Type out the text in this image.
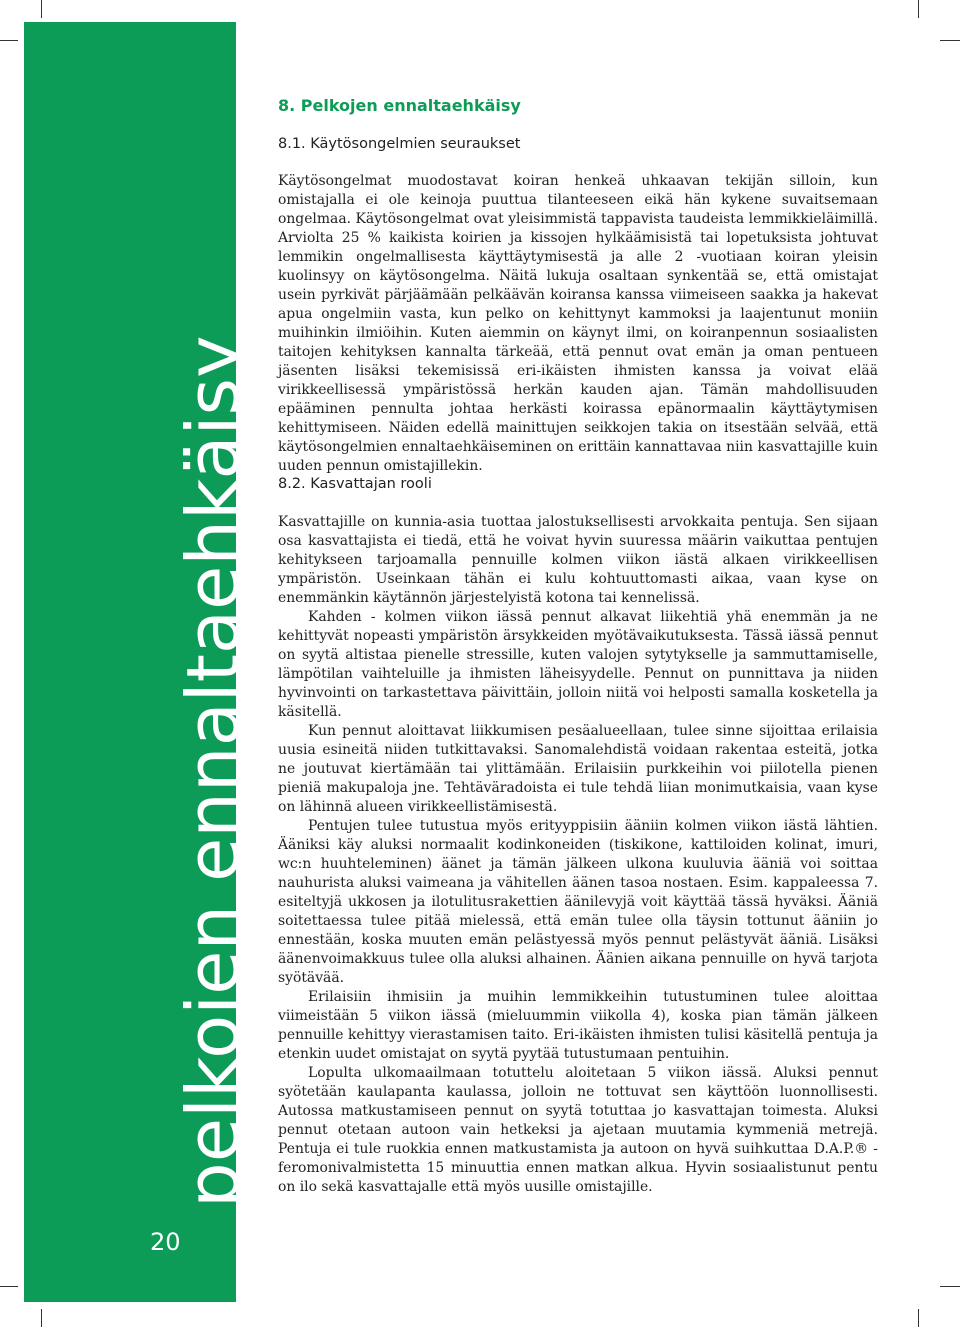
pelkojen ennaltaehkäisy
20
8. Pelkojen ennaltaehkäisy
8.1. Käytösongelmien seuraukset

Käytösongelmat muodostavat koiran henkeä uhkaavan tekijän silloin, kun omistajalla ei ole keinoja puuttua tilanteeseen eikä hän kykene suvaitsemaan ongelmaa. Käytösongelmat ovat yleisimmistä tappavista taudeista lemmikkieläimillä. Arviolta 25 % kaikista koirien ja kissojen hylkäämisistä tai lopetuksista johtuvat lemmikin ongelmallisesta käyttäytymisestä ja alle 2 -vuotiaan koiran yleisin kuolinsyy on käytösongelma. Näitä lukuja osaltaan synkentää se, että omistajat usein pyrkivät pärjäämään pelkäävän koiransa kanssa viimeiseen saakka ja hakevat apua ongelmiin vasta, kun pelko on kehittynyt kammoksi ja laajentunut moniin muihinkin ilmiöihin. Kuten aiemmin on käynyt ilmi, on koiranpennun sosiaalisten taitojen kehityksen kannalta tärkeää, että pennut ovat emän ja oman pentueen jäsenten lisäksi tekemisissä eri-ikäisten ihmisten kanssa ja voivat elää virikkeellisessä ympäristössä herkän kauden ajan. Tämän mahdollisuuden epääminen pennulta johtaa herkästi koirassa epänormaalin käyttäytymisen kehittymiseen. Näiden edellä mainittujen seikkojen takia on itsestään selvää, että käytösongelmien ennaltaehkäiseminen on erittäin kannattavaa niin kasvattajille kuin uuden pennun omistajillekin.

8.2. Kasvattajan rooli

Kasvattajille on kunnia-asia tuottaa jalostuksellisesti arvokkaita pentuja. Sen sijaan osa kasvattajista ei tiedä, että he voivat hyvin suuressa määrin vaikuttaa pentujen kehitykseen tarjoamalla pennuille kolmen viikon iästä alkaen virikkeellisen ympäristön. Useinkaan tähän ei kulu kohtuuttomasti aikaa, vaan kyse on enemmänkin käytännön järjestelyistä kotona tai kennelissä.

Kahden - kolmen viikon iässä pennut alkavat liikehtiä yhä enemmän ja ne kehittyvät nopeasti ympäristön ärsykkeiden myötävaikutuksesta. Tässä iässä pennut on syytä altistaa pienelle stressille, kuten valojen sytytykselle ja sammuttamiselle, lämpötilan vaihteluille ja ihmisten läheisyydelle. Pennut on punnittava ja niiden hyvinvointi on tarkastettava päivittäin, jolloin niitä voi helposti samalla kosketella ja käsitellä.

Kun pennut aloittavat liikkumisen pesäalueellaan, tulee sinne sijoittaa erilaisia uusia esineitä niiden tutkittavaksi. Sanomalehdistä voidaan rakentaa esteitä, jotka ne joutuvat kiertämään tai ylittämään. Erilaisiin purkkeihin voi piilotella pienen pieniä makupaloja jne. Tehtäväradoista ei tule tehdä liian monimutkaisia, vaan kyse on lähinnä alueen virikkeellistämisestä.

Pentujen tulee tutustua myös erityyppisiin ääniin kolmen viikon iästä lähtien. Ääniksi käy aluksi normaalit kodinkoneiden (tiskikone, kattiloiden kolinat, imuri, wc:n huuhteleminen) äänet ja tämän jälkeen ulkona kuuluvia ääniä voi soittaa nauhurista aluksi vaimeana ja vähitellen äänen tasoa nostaen. Esim. kappaleessa 7. esiteltyjä ukkosen ja ilotulitusrakettien äänilevyjä voit käyttää tässä hyväksi. Ääniä soitettaessa tulee pitää mielessä, että emän tulee olla täysin tottunut ääniin jo ennestään, koska muuten emän pelästyessä myös pennut pelästyvät ääniä. Lisäksi äänenvoimakkuus tulee olla aluksi alhainen. Äänien aikana pennuille on hyvä tarjota syötävää.

Erilaisiin ihmisiin ja muihin lemmikkeihin tutustuminen tulee aloittaa viimeistään 5 viikon iässä (mieluummin viikolla 4), koska pian tämän jälkeen pennuille kehittyy vierastamisen taito. Eri-ikäisten ihmisten tulisi käsitellä pentuja ja etenkin uudet omistajat on syytä pyytää tutustumaan pentuihin.

Lopulta ulkomaailmaan totuttelu aloitetaan 5 viikon iässä. Aluksi pennut syötetään kaulapanta kaulassa, jolloin ne tottuvat sen käyttöön luonnollisesti. Autossa matkustamiseen pennut on syytä totuttaa jo kasvattajan toimesta. Aluksi pennut otetaan autoon vain hetkeksi ja ajetaan muutamia kymmeniä metrejä. Pentuja ei tule ruokkia ennen matkustamista ja autoon on hyvä suihkuttaa D.A.P.® - feromonivalmistetta 15 minuuttia ennen matkan alkua. Hyvin sosiaalistunut pentu on ilo sekä kasvattajalle että myös uusille omistajille.
